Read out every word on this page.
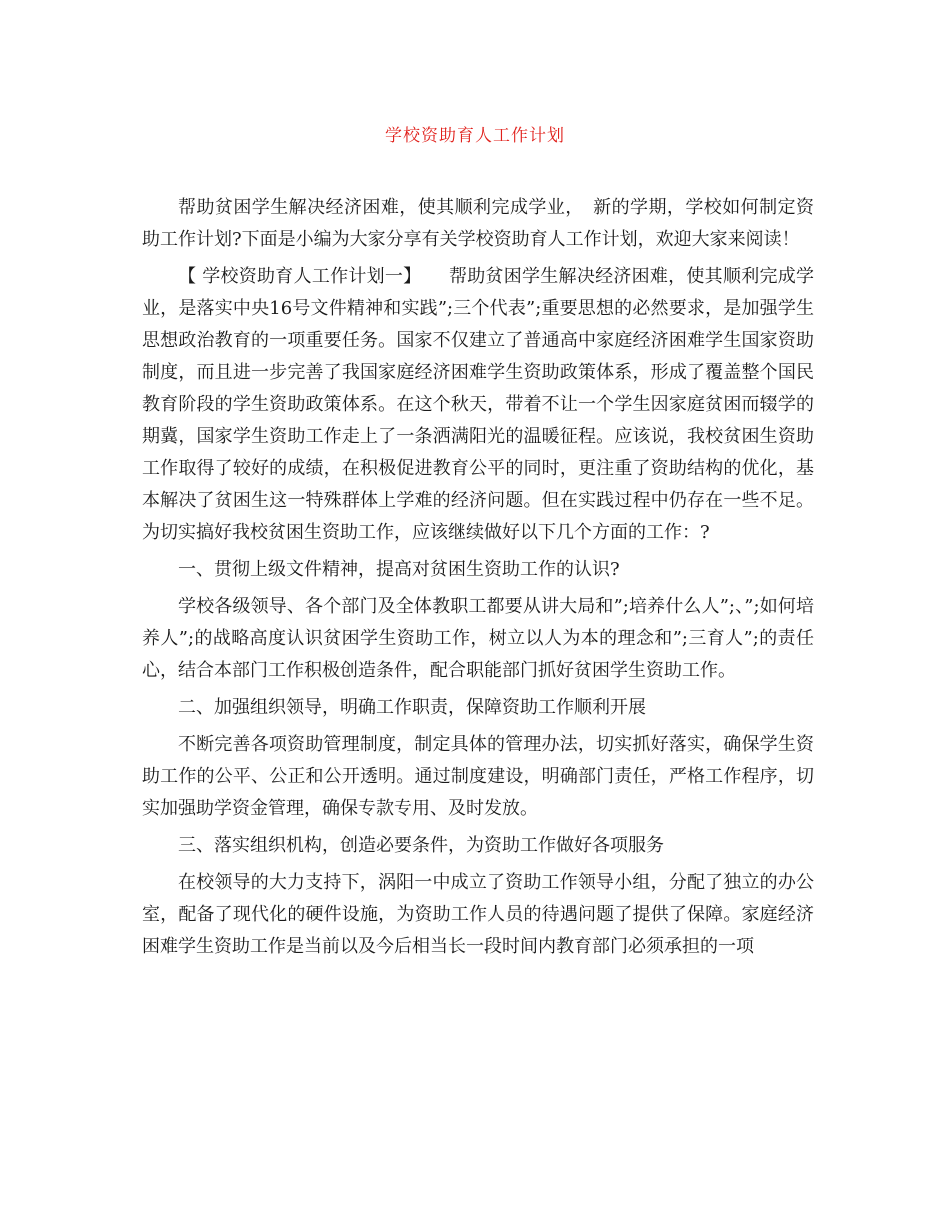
学校资助育人工作计划

帮助贫困学生解决经济困难，使其顺利完成学业，　新的学期，学校如何制定资助工作计划?下面是小编为大家分享有关学校资助育人工作计划，欢迎大家来阅读！

【 学校资助育人工作计划一】　　帮助贫困学生解决经济困难，使其顺利完成学业，是落实中央16号文件精神和实践”;三个代表”;重要思想的必然要求，是加强学生思想政治教育的一项重要任务。国家不仅建立了普通高中家庭经济困难学生国家资助制度，而且进一步完善了我国家庭经济困难学生资助政策体系，形成了覆盖整个国民教育阶段的学生资助政策体系。在这个秋天，带着不让一个学生因家庭贫困而辍学的期冀，国家学生资助工作走上了一条洒满阳光的温暖征程。应该说，我校贫困生资助工作取得了较好的成绩，在积极促进教育公平的同时，更注重了资助结构的优化，基本解决了贫困生这一特殊群体上学难的经济问题。但在实践过程中仍存在一些不足。为切实搞好我校贫困生资助工作，应该继续做好以下几个方面的工作：?

一、贯彻上级文件精神，提高对贫困生资助工作的认识?

学校各级领导、各个部门及全体教职工都要从讲大局和”;培养什么人”;、”;如何培养人”;的战略高度认识贫困学生资助工作，树立以人为本的理念和”;三育人”;的责任心，结合本部门工作积极创造条件，配合职能部门抓好贫困学生资助工作。

二、加强组织领导，明确工作职责，保障资助工作顺利开展

不断完善各项资助管理制度，制定具体的管理办法，切实抓好落实，确保学生资助工作的公平、公正和公开透明。通过制度建设，明确部门责任，严格工作程序，切实加强助学资金管理，确保专款专用、及时发放。

三、落实组织机构，创造必要条件，为资助工作做好各项服务

在校领导的大力支持下，涡阳一中成立了资助工作领导小组，分配了独立的办公室，配备了现代化的硬件设施，为资助工作人员的待遇问题了提供了保障。家庭经济困难学生资助工作是当前以及今后相当长一段时间内教育部门必须承担的一项
